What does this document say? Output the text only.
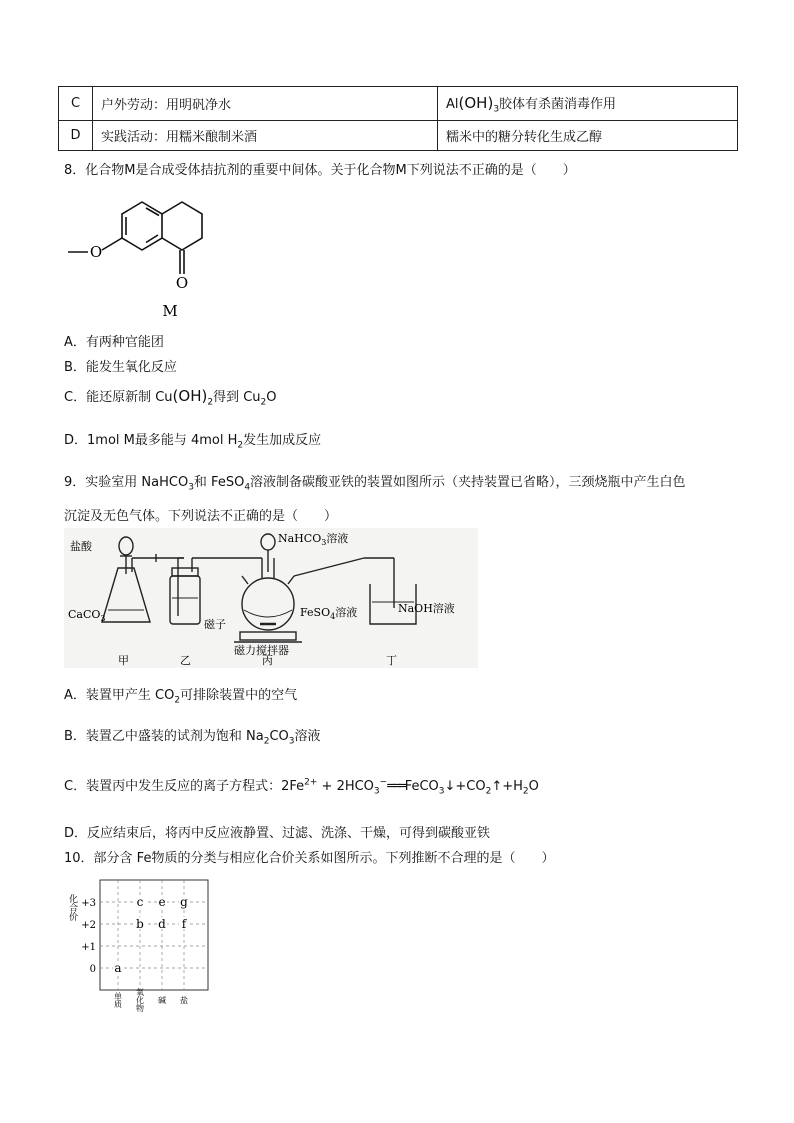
C	户外劳动：用明矾净水	$Al(OH)_3$胶体有杀菌消毒作用
D	实践活动：用糯米酿制米酒	糯米中的糖分转化生成乙醇
8．化合物M是合成受体拮抗剂的重要中间体。关于化合物M下列说法不正确的是（　　）
O
O
M
A．有两种官能团
B．能发生氧化反应
C．能还原新制 $Cu(OH)_2$得到 $Cu_2O$
D．1mol M最多能与 4mol $H_2$发生加成反应
9．实验室用 NaHCO$_3$和 FeSO$_4$溶液制备碳酸亚铁的装置如图所示（夹持装置已省略），三颈烧瓶中产生白色
沉淀及无色气体。下列说法不正确的是（　　）
盐酸
CaCO$_3$
NaHCO$_3$溶液
FeSO$_4$溶液	NaOH溶液
磁子
磁力搅拌器
甲	乙	丙	丁
A．装置甲产生 $CO_2$可排除装置中的空气
B．装置乙中盛装的试剂为饱和 $Na_2CO_3$溶液
C．装置丙中发生反应的离子方程式：$2Fe^{2+}$ + $2HCO_3^-═══FeCO_3↓+CO_2↑+H_2O$
D．反应结束后，将丙中反应液静置、过滤、洗涤、干燥，可得到碳酸亚铁
10．部分含 Fe物质的分类与相应化合价关系如图所示。下列推断不合理的是（　　）
+3
+2
+1
0
化合价
单质 氧化物 碱 盐
a
b
c
d
e
f
g
